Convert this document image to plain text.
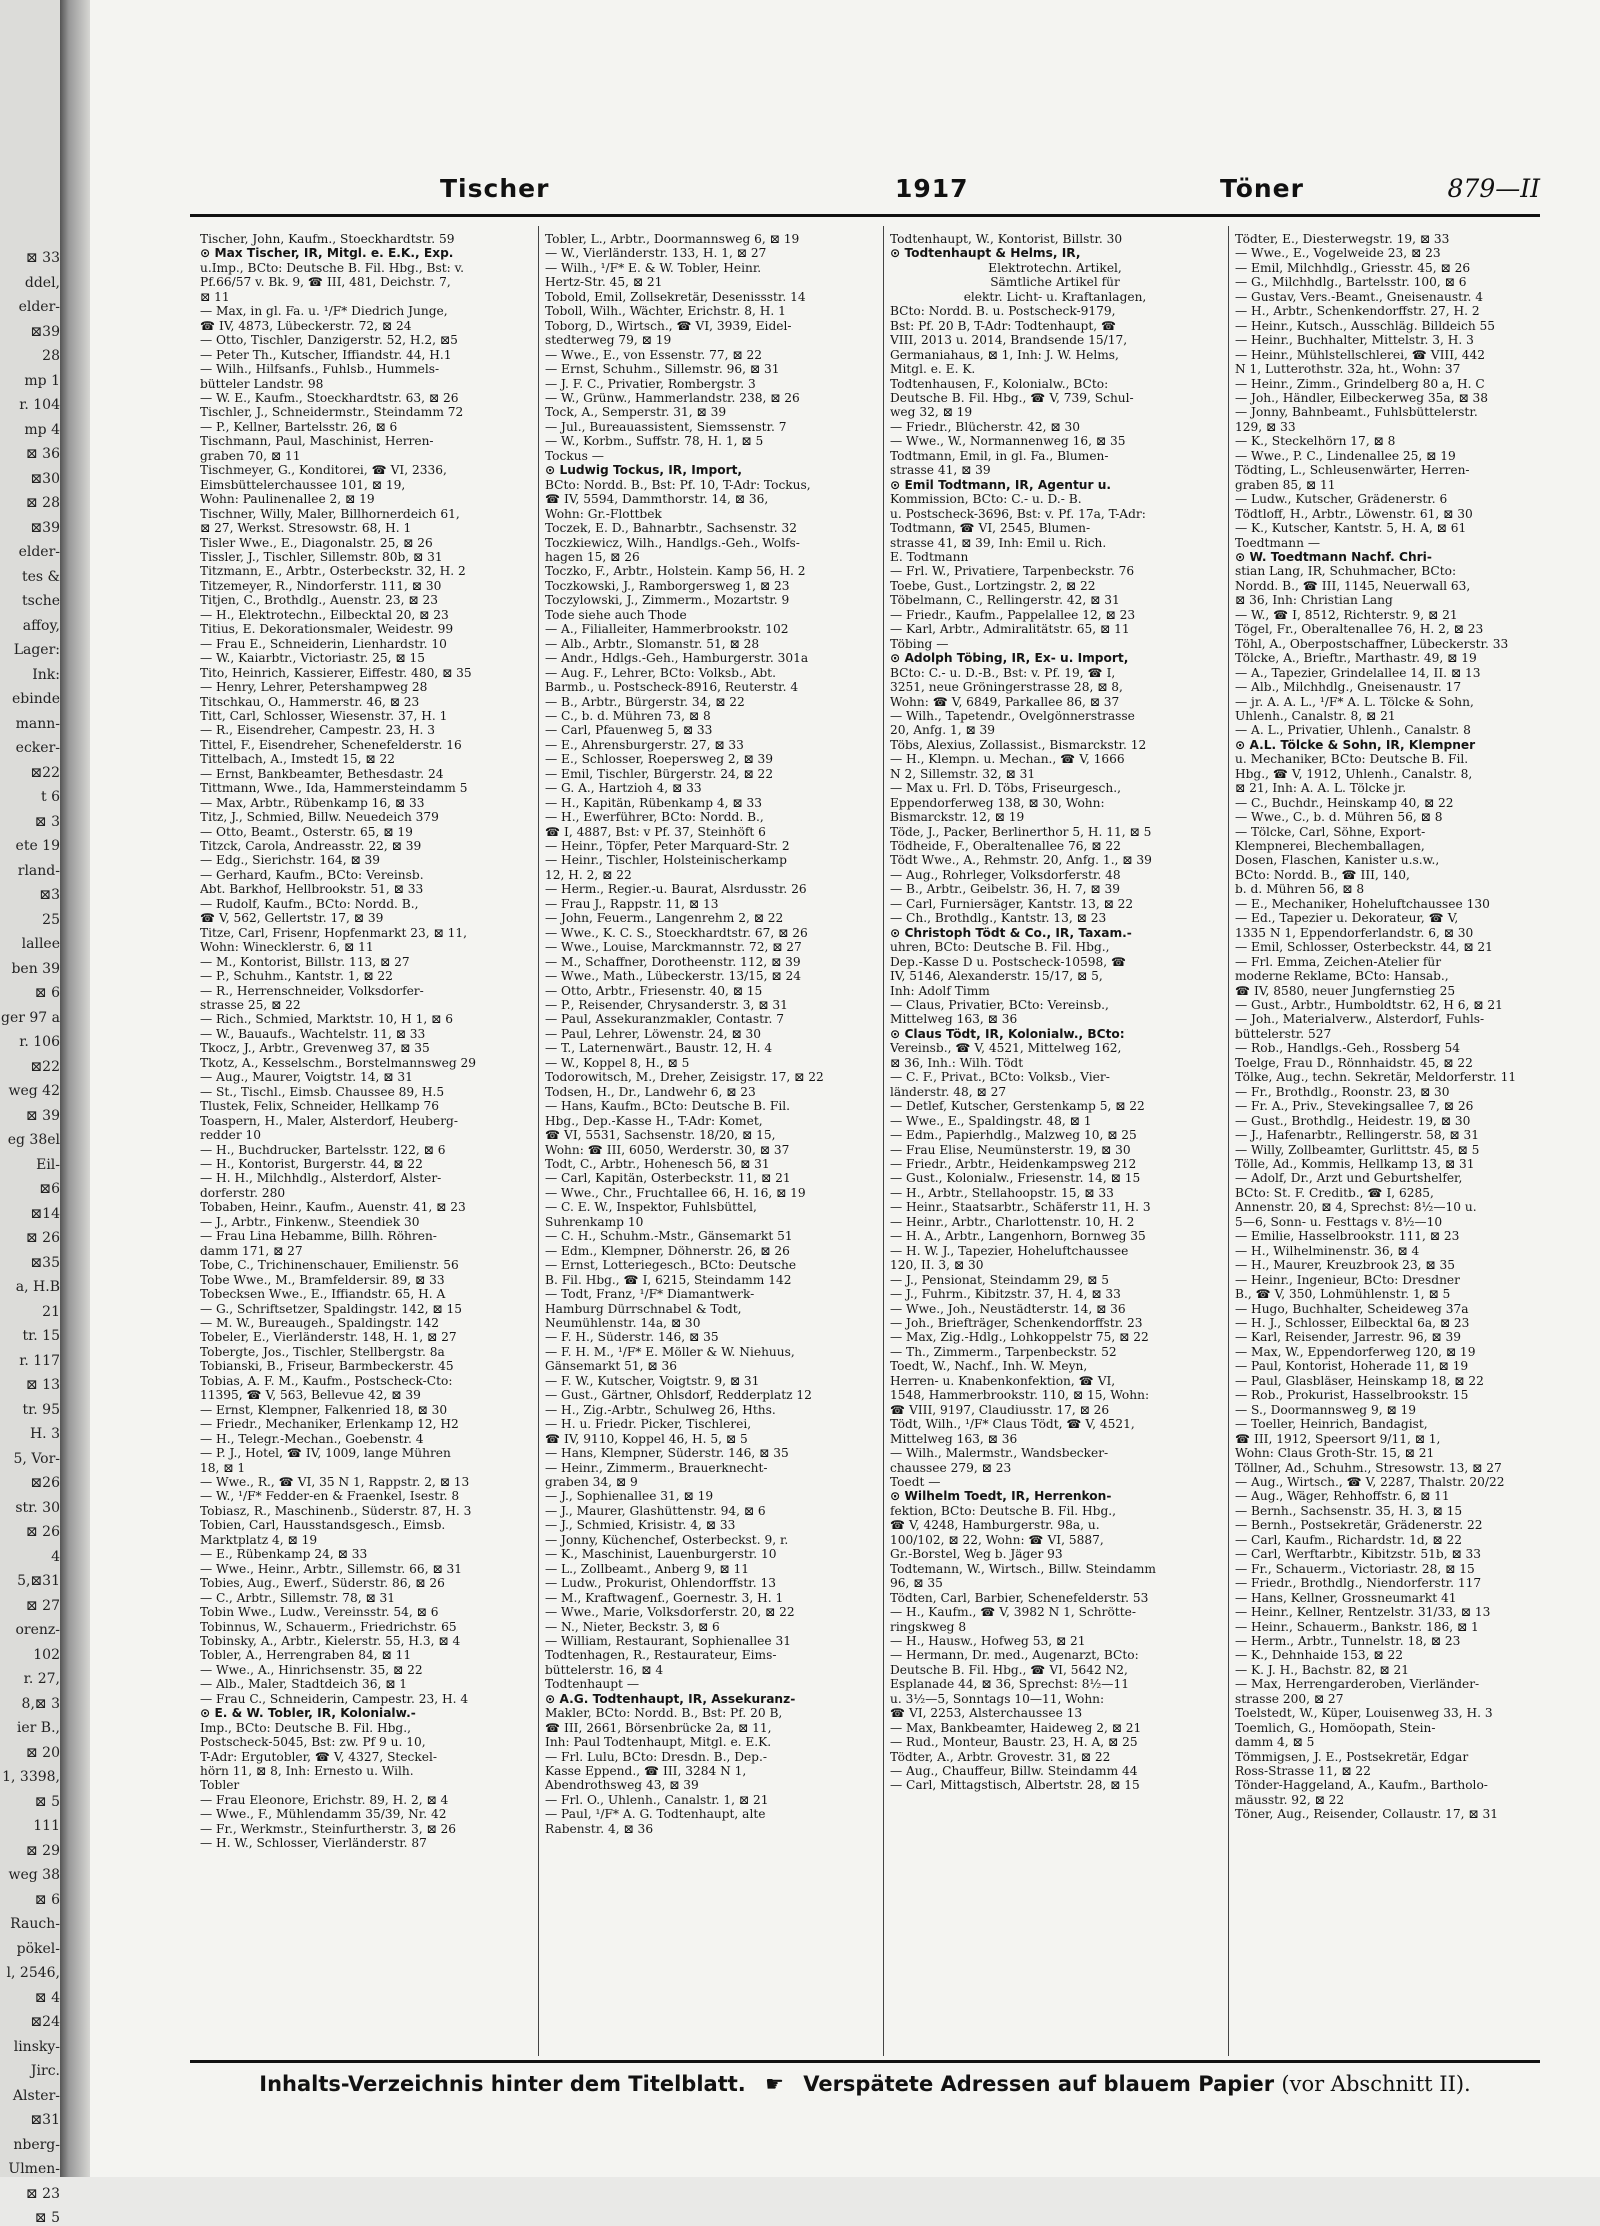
⊠ 33
ddel,
elder-
⊠39
28
mp 1
r. 104
mp 4
⊠ 36
⊠30
⊠ 28
⊠39
elder-
tes &
tsche
affoy,
Lager:
Ink:
ebinde
mann-
ecker-
⊠22
t 6
⊠ 3
ete 19
rland-
⊠3
25
lallee
ben 39
⊠ 6
ger 97 a
r. 106
⊠22
weg 42
⊠ 39
eg 38el
Eil-
⊠6
⊠14
⊠ 26
⊠35
a, H.B
21
tr. 15
r. 117
⊠ 13
tr. 95
H. 3
5, Vor-
⊠26
str. 30
⊠ 26
4
5,⊠31
⊠ 27
orenz-
102
r. 27,
8,⊠ 3
ier B.,
⊠ 20
1, 3398,
⊠ 5
111
⊠ 29
weg 38
⊠ 6
Rauch-
pökel-
l, 2546,
⊠ 4
⊠24
linsky-
Jirc.
Alster-
⊠31
nberg-
Ulmen-
⊠ 23
⊠ 5
Tischer	1917	Töner	879—II

Tischer, John, Kaufm., Stoeckhardtstr. 59

⊙ Max Tischer, IR, Mitgl. e. E.K., Exp.

u.Imp., BCto: Deutsche B. Fil. Hbg., Bst: v.

Pf.66/57 v. Bk. 9, ☎ III, 481, Deichstr. 7,

⊠ 11

— Max, in gl. Fa. u. ¹/F* Diedrich Junge,

☎ IV, 4873, Lübeckerstr. 72, ⊠ 24

— Otto, Tischler, Danzigerstr. 52, H.2, ⊠5

— Peter Th., Kutscher, Iffiandstr. 44, H.1

— Wilh., Hilfsanfs., Fuhlsb., Hummels-

bütteler Landstr. 98

— W. E., Kaufm., Stoeckhardtstr. 63, ⊠ 26

Tischler, J., Schneidermstr., Steindamm 72

— P., Kellner, Bartelsstr. 26, ⊠ 6

Tischmann, Paul, Maschinist, Herren-

graben 70, ⊠ 11

Tischmeyer, G., Konditorei, ☎ VI, 2336,

Eimsbüttelerchaussee 101, ⊠ 19,

Wohn: Paulinenallee 2, ⊠ 19

Tischner, Willy, Maler, Billhornerdeich 61,

⊠ 27, Werkst. Stresowstr. 68, H. 1

Tisler Wwe., E., Diagonalstr. 25, ⊠ 26

Tissler, J., Tischler, Sillemstr. 80b, ⊠ 31

Titzmann, E., Arbtr., Osterbeckstr. 32, H. 2

Titzemeyer, R., Nindorferstr. 111, ⊠ 30

Titjen, C., Brothdlg., Auenstr. 23, ⊠ 23

— H., Elektrotechn., Eilbecktal 20, ⊠ 23

Titius, E. Dekorationsmaler, Weidestr. 99

— Frau E., Schneiderin, Lienhardstr. 10

— W., Kaiarbtr., Victoriastr. 25, ⊠ 15

Tito, Heinrich, Kassierer, Eiffestr. 480, ⊠ 35

— Henry, Lehrer, Petershampweg 28

Titschkau, O., Hammerstr. 46, ⊠ 23

Titt, Carl, Schlosser, Wiesenstr. 37, H. 1

— R., Eisendreher, Campestr. 23, H. 3

Tittel, F., Eisendreher, Schenefelderstr. 16

Tittelbach, A., Imstedt 15, ⊠ 22

— Ernst, Bankbeamter, Bethesdastr. 24

Tittmann, Wwe., Ida, Hammersteindamm 5

— Max, Arbtr., Rübenkamp 16, ⊠ 33

Titz, J., Schmied, Billw. Neuedeich 379

— Otto, Beamt., Osterstr. 65, ⊠ 19

Titzck, Carola, Andreasstr. 22, ⊠ 39

— Edg., Sierichstr. 164, ⊠ 39

— Gerhard, Kaufm., BCto: Vereinsb.

Abt. Barkhof, Hellbrookstr. 51, ⊠ 33

— Rudolf, Kaufm., BCto: Nordd. B.,

☎ V, 562, Gellertstr. 17, ⊠ 39

Titze, Carl, Frisenr, Hopfenmarkt 23, ⊠ 11,

Wohn: Winecklerstr. 6, ⊠ 11

— M., Kontorist, Billstr. 113, ⊠ 27

— P., Schuhm., Kantstr. 1, ⊠ 22

— R., Herrenschneider, Volksdorfer-

strasse 25, ⊠ 22

— Rich., Schmied, Marktstr. 10, H 1, ⊠ 6

— W., Bauaufs., Wachtelstr. 11, ⊠ 33

Tkocz, J., Arbtr., Grevenweg 37, ⊠ 35

Tkotz, A., Kesselschm., Borstelmannsweg 29

— Aug., Maurer, Voigtstr. 14, ⊠ 31

— St., Tischl., Eimsb. Chaussee 89, H.5

Tlustek, Felix, Schneider, Hellkamp 76

Toaspern, H., Maler, Alsterdorf, Heuberg-

redder 10

— H., Buchdrucker, Bartelsstr. 122, ⊠ 6

— H., Kontorist, Burgerstr. 44, ⊠ 22

— H. H., Milchhdlg., Alsterdorf, Alster-

dorferstr. 280

Tobaben, Heinr., Kaufm., Auenstr. 41, ⊠ 23

— J., Arbtr., Finkenw., Steendiek 30

— Frau Lina Hebamme, Billh. Röhren-

damm 171, ⊠ 27

Tobe, C., Trichinenschauer, Emilienstr. 56

Tobe Wwe., M., Bramfeldersir. 89, ⊠ 33

Tobecksen Wwe., E., Iffiandstr. 65, H. A

— G., Schriftsetzer, Spaldingstr. 142, ⊠ 15

— M. W., Bureaugeh., Spaldingstr. 142

Tobeler, E., Vierländerstr. 148, H. 1, ⊠ 27

Tobergte, Jos., Tischler, Stellbergstr. 8a

Tobianski, B., Friseur, Barmbeckerstr. 45

Tobias, A. F. M., Kaufm., Postscheck-Cto:

11395, ☎ V, 563, Bellevue 42, ⊠ 39

— Ernst, Klempner, Falkenried 18, ⊠ 30

— Friedr., Mechaniker, Erlenkamp 12, H2

— H., Telegr.-Mechan., Goebenstr. 4

— P. J., Hotel, ☎ IV, 1009, lange Mühren

18, ⊠ 1

— Wwe., R., ☎ VI, 35 N 1, Rappstr. 2, ⊠ 13

— W., ¹/F* Fedder-en & Fraenkel, Isestr. 8

Tobiasz, R., Maschinenb., Süderstr. 87, H. 3

Tobien, Carl, Hausstandsgesch., Eimsb.

Marktplatz 4, ⊠ 19

— E., Rübenkamp 24, ⊠ 33

— Wwe., Heinr., Arbtr., Sillemstr. 66, ⊠ 31

Tobies, Aug., Ewerf., Süderstr. 86, ⊠ 26

— C., Arbtr., Sillemstr. 78, ⊠ 31

Tobin Wwe., Ludw., Vereinsstr. 54, ⊠ 6

Tobinnus, W., Schauerm., Friedrichstr. 65

Tobinsky, A., Arbtr., Kielerstr. 55, H.3, ⊠ 4

Tobler, A., Herrengraben 84, ⊠ 11

— Wwe., A., Hinrichsenstr. 35, ⊠ 22

— Alb., Maler, Stadtdeich 36, ⊠ 1

— Frau C., Schneiderin, Campestr. 23, H. 4

⊙ E. & W. Tobler, IR, Kolonialw.-

Imp., BCto: Deutsche B. Fil. Hbg.,

Postscheck-5045, Bst: zw. Pf 9 u. 10,

T-Adr: Ergutobler, ☎ V, 4327, Steckel-

hörn 11, ⊠ 8, Inh: Ernesto u. Wilh.

Tobler

— Frau Eleonore, Erichstr. 89, H. 2, ⊠ 4

— Wwe., F., Mühlendamm 35/39, Nr. 42

— Fr., Werkmstr., Steinfurtherstr. 3, ⊠ 26

— H. W., Schlosser, Vierländerstr. 87

Tobler, L., Arbtr., Doormannsweg 6, ⊠ 19

— W., Vierländerstr. 133, H. 1, ⊠ 27

— Wilh., ¹/F* E. & W. Tobler, Heinr.

Hertz-Str. 45, ⊠ 21

Tobold, Emil, Zollsekretär, Desenissstr. 14

Toboll, Wilh., Wächter, Erichstr. 8, H. 1

Toborg, D., Wirtsch., ☎ VI, 3939, Eidel-

stedterweg 79, ⊠ 19

— Wwe., E., von Essenstr. 77, ⊠ 22

— Ernst, Schuhm., Sillemstr. 96, ⊠ 31

— J. F. C., Privatier, Rombergstr. 3

— W., Grünw., Hammerlandstr. 238, ⊠ 26

Tock, A., Semperstr. 31, ⊠ 39

— Jul., Bureauassistent, Siemssenstr. 7

— W., Korbm., Suffstr. 78, H. 1, ⊠ 5

Tockus —

⊙ Ludwig Tockus, IR, Import,

BCto: Nordd. B., Bst: Pf. 10, T-Adr: Tockus,

☎ IV, 5594, Dammthorstr. 14, ⊠ 36,

Wohn: Gr.-Flottbek

Toczek, E. D., Bahnarbtr., Sachsenstr. 32

Toczkiewicz, Wilh., Handlgs.-Geh., Wolfs-

hagen 15, ⊠ 26

Toczko, F., Arbtr., Holstein. Kamp 56, H. 2

Toczkowski, J., Ramborgersweg 1, ⊠ 23

Toczylowski, J., Zimmerm., Mozartstr. 9

Tode siehe auch Thode

— A., Filialleiter, Hammerbrookstr. 102

— Alb., Arbtr., Slomanstr. 51, ⊠ 28

— Andr., Hdlgs.-Geh., Hamburgerstr. 301a

— Aug. F., Lehrer, BCto: Volksb., Abt.

Barmb., u. Postscheck-8916, Reuterstr. 4

— B., Arbtr., Bürgerstr. 34, ⊠ 22

— C., b. d. Mühren 73, ⊠ 8

— Carl, Pfauenweg 5, ⊠ 33

— E., Ahrensburgerstr. 27, ⊠ 33

— E., Schlosser, Roepersweg 2, ⊠ 39

— Emil, Tischler, Bürgerstr. 24, ⊠ 22

— G. A., Hartzioh 4, ⊠ 33

— H., Kapitän, Rübenkamp 4, ⊠ 33

— H., Ewerführer, BCto: Nordd. B.,

☎ I, 4887, Bst: v Pf. 37, Steinhöft 6

— Heinr., Töpfer, Peter Marquard-Str. 2

— Heinr., Tischler, Holsteinischerkamp

12, H. 2, ⊠ 22

— Herm., Regier.-u. Baurat, Alsrdusstr. 26

— Frau J., Rappstr. 11, ⊠ 13

— John, Feuerm., Langenrehm 2, ⊠ 22

— Wwe., K. C. S., Stoeckhardtstr. 67, ⊠ 26

— Wwe., Louise, Marckmannstr. 72, ⊠ 27

— M., Schaffner, Dorotheenstr. 112, ⊠ 39

— Wwe., Math., Lübeckerstr. 13/15, ⊠ 24

— Otto, Arbtr., Friesenstr. 40, ⊠ 15

— P., Reisender, Chrysanderstr. 3, ⊠ 31

— Paul, Assekuranzmakler, Contastr. 7

— Paul, Lehrer, Löwenstr. 24, ⊠ 30

— T., Laternenwärt., Baustr. 12, H. 4

— W., Koppel 8, H., ⊠ 5

Todorowitsch, M., Dreher, Zeisigstr. 17, ⊠ 22

Todsen, H., Dr., Landwehr 6, ⊠ 23

— Hans, Kaufm., BCto: Deutsche B. Fil.

Hbg., Dep.-Kasse H., T-Adr: Komet,

☎ VI, 5531, Sachsenstr. 18/20, ⊠ 15,

Wohn: ☎ III, 6050, Werderstr. 30, ⊠ 37

Todt, C., Arbtr., Hohenesch 56, ⊠ 31

— Carl, Kapitän, Osterbeckstr. 11, ⊠ 21

— Wwe., Chr., Fruchtallee 66, H. 16, ⊠ 19

— C. E. W., Inspektor, Fuhlsbüttel,

Suhrenkamp 10

— C. H., Schuhm.-Mstr., Gänsemarkt 51

— Edm., Klempner, Döhnerstr. 26, ⊠ 26

— Ernst, Lotteriegesch., BCto: Deutsche

B. Fil. Hbg., ☎ I, 6215, Steindamm 142

— Todt, Franz, ¹/F* Diamantwerk-

Hamburg Dürrschnabel & Todt,

Neumühlenstr. 14a, ⊠ 30

— F. H., Süderstr. 146, ⊠ 35

— F. H. M., ¹/F* E. Möller & W. Niehuus,

Gänsemarkt 51, ⊠ 36

— F. W., Kutscher, Voigtstr. 9, ⊠ 31

— Gust., Gärtner, Ohlsdorf, Redderplatz 12

— H., Zig.-Arbtr., Schulweg 26, Hths.

— H. u. Friedr. Picker, Tischlerei,

☎ IV, 9110, Koppel 46, H. 5, ⊠ 5

— Hans, Klempner, Süderstr. 146, ⊠ 35

— Heinr., Zimmerm., Brauerknecht-

graben 34, ⊠ 9

— J., Sophienallee 31, ⊠ 19

— J., Maurer, Glashüttenstr. 94, ⊠ 6

— J., Schmied, Krisistr. 4, ⊠ 33

— Jonny, Küchenchef, Osterbeckst. 9, r.

— K., Maschinist, Lauenburgerstr. 10

— L., Zollbeamt., Anberg 9, ⊠ 11

— Ludw., Prokurist, Ohlendorffstr. 13

— M., Kraftwagenf., Goernestr. 3, H. 1

— Wwe., Marie, Volksdorferstr. 20, ⊠ 22

— N., Nieter, Beckstr. 3, ⊠ 6

— William, Restaurant, Sophienallee 31

Todtenhagen, R., Restaurateur, Eims-

büttelerstr. 16, ⊠ 4

Todtenhaupt —

⊙ A.G. Todtenhaupt, IR, Assekuranz-

Makler, BCto: Nordd. B., Bst: Pf. 20 B,

☎ III, 2661, Börsenbrücke 2a, ⊠ 11,

Inh: Paul Todtenhaupt, Mitgl. e. E.K.

— Frl. Lulu, BCto: Dresdn. B., Dep.-

Kasse Eppend., ☎ III, 3284 N 1,

Abendrothsweg 43, ⊠ 39

— Frl. O., Uhlenh., Canalstr. 1, ⊠ 21

— Paul, ¹/F* A. G. Todtenhaupt, alte

Rabenstr. 4, ⊠ 36

Todtenhaupt, W., Kontorist, Billstr. 30

⊙ Todtenhaupt & Helms, IR,

Elektrotechn. Artikel,

Sämtliche Artikel für

elektr. Licht- u. Kraftanlagen,

BCto: Nordd. B. u. Postscheck-9179,

Bst: Pf. 20 B, T-Adr: Todtenhaupt, ☎

VIII, 2013 u. 2014, Brandsende 15/17,

Germaniahaus, ⊠ 1, Inh: J. W. Helms,

Mitgl. e. E. K.

Todtenhausen, F., Kolonialw., BCto:

Deutsche B. Fil. Hbg., ☎ V, 739, Schul-

weg 32, ⊠ 19

— Friedr., Blücherstr. 42, ⊠ 30

— Wwe., W., Normannenweg 16, ⊠ 35

Todtmann, Emil, in gl. Fa., Blumen-

strasse 41, ⊠ 39

⊙ Emil Todtmann, IR, Agentur u.

Kommission, BCto: C.- u. D.- B.

u. Postscheck-3696, Bst: v. Pf. 17a, T-Adr:

Todtmann, ☎ VI, 2545, Blumen-

strasse 41, ⊠ 39, Inh: Emil u. Rich.

E. Todtmann

— Frl. W., Privatiere, Tarpenbeckstr. 76

Toebe, Gust., Lortzingstr. 2, ⊠ 22

Töbelmann, C., Rellingerstr. 42, ⊠ 31

— Friedr., Kaufm., Pappelallee 12, ⊠ 23

— Karl, Arbtr., Admiralitätstr. 65, ⊠ 11

Töbing —

⊙ Adolph Töbing, IR, Ex- u. Import,

BCto: C.- u. D.-B., Bst: v. Pf. 19, ☎ I,

3251, neue Gröningerstrasse 28, ⊠ 8,

Wohn: ☎ V, 6849, Parkallee 86, ⊠ 37

— Wilh., Tapetendr., Ovelgönnerstrasse

20, Anfg. 1, ⊠ 39

Töbs, Alexius, Zollassist., Bismarckstr. 12

— H., Klempn. u. Mechan., ☎ V, 1666

N 2, Sillemstr. 32, ⊠ 31

— Max u. Frl. D. Töbs, Friseurgesch.,

Eppendorferweg 138, ⊠ 30, Wohn:

Bismarckstr. 12, ⊠ 19

Töde, J., Packer, Berlinerthor 5, H. 11, ⊠ 5

Tödheide, F., Oberaltenallee 76, ⊠ 22

Tödt Wwe., A., Rehmstr. 20, Anfg. 1., ⊠ 39

— Aug., Rohrleger, Volksdorferstr. 48

— B., Arbtr., Geibelstr. 36, H. 7, ⊠ 39

— Carl, Furniersäger, Kantstr. 13, ⊠ 22

— Ch., Brothdlg., Kantstr. 13, ⊠ 23

⊙ Christoph Tödt & Co., IR, Taxam.-

uhren, BCto: Deutsche B. Fil. Hbg.,

Dep.-Kasse D u. Postscheck-10598, ☎

IV, 5146, Alexanderstr. 15/17, ⊠ 5,

Inh: Adolf Timm

— Claus, Privatier, BCto: Vereinsb.,

Mittelweg 163, ⊠ 36

⊙ Claus Tödt, IR, Kolonialw., BCto:

Vereinsb., ☎ V, 4521, Mittelweg 162,

⊠ 36, Inh.: Wilh. Tödt

— C. F., Privat., BCto: Volksb., Vier-

länderstr. 48, ⊠ 27

— Detlef, Kutscher, Gerstenkamp 5, ⊠ 22

— Wwe., E., Spaldingstr. 48, ⊠ 1

— Edm., Papierhdlg., Malzweg 10, ⊠ 25

— Frau Elise, Neumünsterstr. 19, ⊠ 30

— Friedr., Arbtr., Heidenkampsweg 212

— Gust., Kolonialw., Friesenstr. 14, ⊠ 15

— H., Arbtr., Stellahoopstr. 15, ⊠ 33

— Heinr., Staatsarbtr., Schäferstr 11, H. 3

— Heinr., Arbtr., Charlottenstr. 10, H. 2

— H. A., Arbtr., Langenhorn, Bornweg 35

— H. W. J., Tapezier, Hoheluftchaussee

120, II. 3, ⊠ 30

— J., Pensionat, Steindamm 29, ⊠ 5

— J., Fuhrm., Kibitzstr. 37, H. 4, ⊠ 33

— Wwe., Joh., Neustädterstr. 14, ⊠ 36

— Joh., Briefträger, Schenkendorffstr. 23

— Max, Zig.-Hdlg., Lohkoppelstr 75, ⊠ 22

— Th., Zimmerm., Tarpenbeckstr. 52

Toedt, W., Nachf., Inh. W. Meyn,

Herren- u. Knabenkonfektion, ☎ VI,

1548, Hammerbrookstr. 110, ⊠ 15, Wohn:

☎ VIII, 9197, Claudiusstr. 17, ⊠ 26

Tödt, Wilh., ¹/F* Claus Tödt, ☎ V, 4521,

Mittelweg 163, ⊠ 36

— Wilh., Malermstr., Wandsbecker-

chaussee 279, ⊠ 23

Toedt —

⊙ Wilhelm Toedt, IR, Herrenkon-

fektion, BCto: Deutsche B. Fil. Hbg.,

☎ V, 4248, Hamburgerstr. 98a, u.

100/102, ⊠ 22, Wohn: ☎ VI, 5887,

Gr.-Borstel, Weg b. Jäger 93

Todtemann, W., Wirtsch., Billw. Steindamm

96, ⊠ 35

Tödten, Carl, Barbier, Schenefelderstr. 53

— H., Kaufm., ☎ V, 3982 N 1, Schrötte-

ringskweg 8

— H., Hausw., Hofweg 53, ⊠ 21

— Hermann, Dr. med., Augenarzt, BCto:

Deutsche B. Fil. Hbg., ☎ VI, 5642 N2,

Esplanade 44, ⊠ 36, Sprechst: 8½—11

u. 3½—5, Sonntags 10—11, Wohn:

☎ VI, 2253, Alsterchaussee 13

— Max, Bankbeamter, Haideweg 2, ⊠ 21

— Rud., Monteur, Baustr. 23, H. A, ⊠ 25

Tödter, A., Arbtr. Grovestr. 31, ⊠ 22

— Aug., Chauffeur, Billw. Steindamm 44

— Carl, Mittagstisch, Albertstr. 28, ⊠ 15

Tödter, E., Diesterwegstr. 19, ⊠ 33

— Wwe., E., Vogelweide 23, ⊠ 23

— Emil, Milchhdlg., Griesstr. 45, ⊠ 26

— G., Milchhdlg., Bartelsstr. 100, ⊠ 6

— Gustav, Vers.-Beamt., Gneisenaustr. 4

— H., Arbtr., Schenkendorffstr. 27, H. 2

— Heinr., Kutsch., Ausschläg. Billdeich 55

— Heinr., Buchhalter, Mittelstr. 3, H. 3

— Heinr., Mühlstellschlerei, ☎ VIII, 442

N 1, Lutterothstr. 32a, ht., Wohn: 37

— Heinr., Zimm., Grindelberg 80 a, H. C

— Joh., Händler, Eilbeckerweg 35a, ⊠ 38

— Jonny, Bahnbeamt., Fuhlsbüttelerstr.

129, ⊠ 33

— K., Steckelhörn 17, ⊠ 8

— Wwe., P. C., Lindenallee 25, ⊠ 19

Tödting, L., Schleusenwärter, Herren-

graben 85, ⊠ 11

— Ludw., Kutscher, Grädenerstr. 6

Tödtloff, H., Arbtr., Löwenstr. 61, ⊠ 30

— K., Kutscher, Kantstr. 5, H. A, ⊠ 61

Toedtmann —

⊙ W. Toedtmann Nachf. Chri-

stian Lang, IR, Schuhmacher, BCto:

Nordd. B., ☎ III, 1145, Neuerwall 63,

⊠ 36, Inh: Christian Lang

— W., ☎ I, 8512, Richterstr. 9, ⊠ 21

Tögel, Fr., Oberaltenallee 76, H. 2, ⊠ 23

Töhl, A., Oberpostschaffner, Lübeckerstr. 33

Tölcke, A., Brieftr., Marthastr. 49, ⊠ 19

— A., Tapezier, Grindelallee 14, II. ⊠ 13

— Alb., Milchhdlg., Gneisenaustr. 17

— jr. A. A. L., ¹/F* A. L. Tölcke & Sohn,

Uhlenh., Canalstr. 8, ⊠ 21

— A. L., Privatier, Uhlenh., Canalstr. 8

⊙ A.L. Tölcke & Sohn, IR, Klempner

u. Mechaniker, BCto: Deutsche B. Fil.

Hbg., ☎ V, 1912, Uhlenh., Canalstr. 8,

⊠ 21, Inh: A. A. L. Tölcke jr.

— C., Buchdr., Heinskamp 40, ⊠ 22

— Wwe., C., b. d. Mühren 56, ⊠ 8

— Tölcke, Carl, Söhne, Export-

Klempnerei, Blechemballagen,

Dosen, Flaschen, Kanister u.s.w.,

BCto: Nordd. B., ☎ III, 140,

b. d. Mühren 56, ⊠ 8

— E., Mechaniker, Hoheluftchaussee 130

— Ed., Tapezier u. Dekorateur, ☎ V,

1335 N 1, Eppendorferlandstr. 6, ⊠ 30

— Emil, Schlosser, Osterbeckstr. 44, ⊠ 21

— Frl. Emma, Zeichen-Atelier für

moderne Reklame, BCto: Hansab.,

☎ IV, 8580, neuer Jungfernstieg 25

— Gust., Arbtr., Humboldtstr. 62, H 6, ⊠ 21

— Joh., Materialverw., Alsterdorf, Fuhls-

büttelerstr. 527

— Rob., Handlgs.-Geh., Rossberg 54

Toelge, Frau D., Rönnhaidstr. 45, ⊠ 22

Tölke, Aug., techn. Sekretär, Meldorferstr. 11

— Fr., Brothdlg., Roonstr. 23, ⊠ 30

— Fr. A., Priv., Stevekingsallee 7, ⊠ 26

— Gust., Brothdlg., Heidestr. 19, ⊠ 30

— J., Hafenarbtr., Rellingerstr. 58, ⊠ 31

— Willy, Zollbeamter, Gurlittstr. 45, ⊠ 5

Tölle, Ad., Kommis, Hellkamp 13, ⊠ 31

— Adolf, Dr., Arzt und Geburtshelfer,

BCto: St. F. Creditb., ☎ I, 6285,

Annenstr. 20, ⊠ 4, Sprechst: 8½—10 u.

5—6, Sonn- u. Festtags v. 8½—10

— Emilie, Hasselbrookstr. 111, ⊠ 23

— H., Wilhelminenstr. 36, ⊠ 4

— H., Maurer, Kreuzbrook 23, ⊠ 35

— Heinr., Ingenieur, BCto: Dresdner

B., ☎ V, 350, Lohmühlenstr. 1, ⊠ 5

— Hugo, Buchhalter, Scheideweg 37a

— H. J., Schlosser, Eilbecktal 6a, ⊠ 23

— Karl, Reisender, Jarrestr. 96, ⊠ 39

— Max, W., Eppendorferweg 120, ⊠ 19

— Paul, Kontorist, Hoheradе 11, ⊠ 19

— Paul, Glasbläser, Heinskamp 18, ⊠ 22

— Rob., Prokurist, Hasselbrookstr. 15

— S., Doormannsweg 9, ⊠ 19

— Toeller, Heinrich, Bandagist,

☎ III, 1912, Speersort 9/11, ⊠ 1,

Wohn: Claus Groth-Str. 15, ⊠ 21

Töllner, Ad., Schuhm., Stresowstr. 13, ⊠ 27

— Aug., Wirtsch., ☎ V, 2287, Thalstr. 20/22

— Aug., Wäger, Rehhoffstr. 6, ⊠ 11

— Bernh., Sachsenstr. 35, H. 3, ⊠ 15

— Bernh., Postsekretär, Grädenerstr. 22

— Carl, Kaufm., Richardstr. 1d, ⊠ 22

— Carl, Werftarbtr., Kibitzstr. 51b, ⊠ 33

— Fr., Schauerm., Victoriastr. 28, ⊠ 15

— Friedr., Brothdlg., Niendorferstr. 117

— Hans, Kellner, Grossneumarkt 41

— Heinr., Kellner, Rentzelstr. 31/33, ⊠ 13

— Heinr., Schauerm., Bankstr. 186, ⊠ 1

— Herm., Arbtr., Tunnelstr. 18, ⊠ 23

— K., Dehnhaide 153, ⊠ 22

— K. J. H., Bachstr. 82, ⊠ 21

— Max, Herrengarderoben, Vierländer-

strasse 200, ⊠ 27

Toelstedt, W., Küper, Louisenweg 33, H. 3

Toemlich, G., Homöopath, Stein-

damm 4, ⊠ 5

Tömmigsen, J. E., Postsekretär, Edgar

Ross-Strasse 11, ⊠ 22

Tönder-Haggeland, A., Kaufm., Bartholo-

mäusstr. 92, ⊠ 22

Töner, Aug., Reisender, Collaustr. 17, ⊠ 31

Inhalts-Verzeichnis hinter dem Titelblatt. ☛ Verspätete Adressen auf blauem Papier (vor Abschnitt II).
